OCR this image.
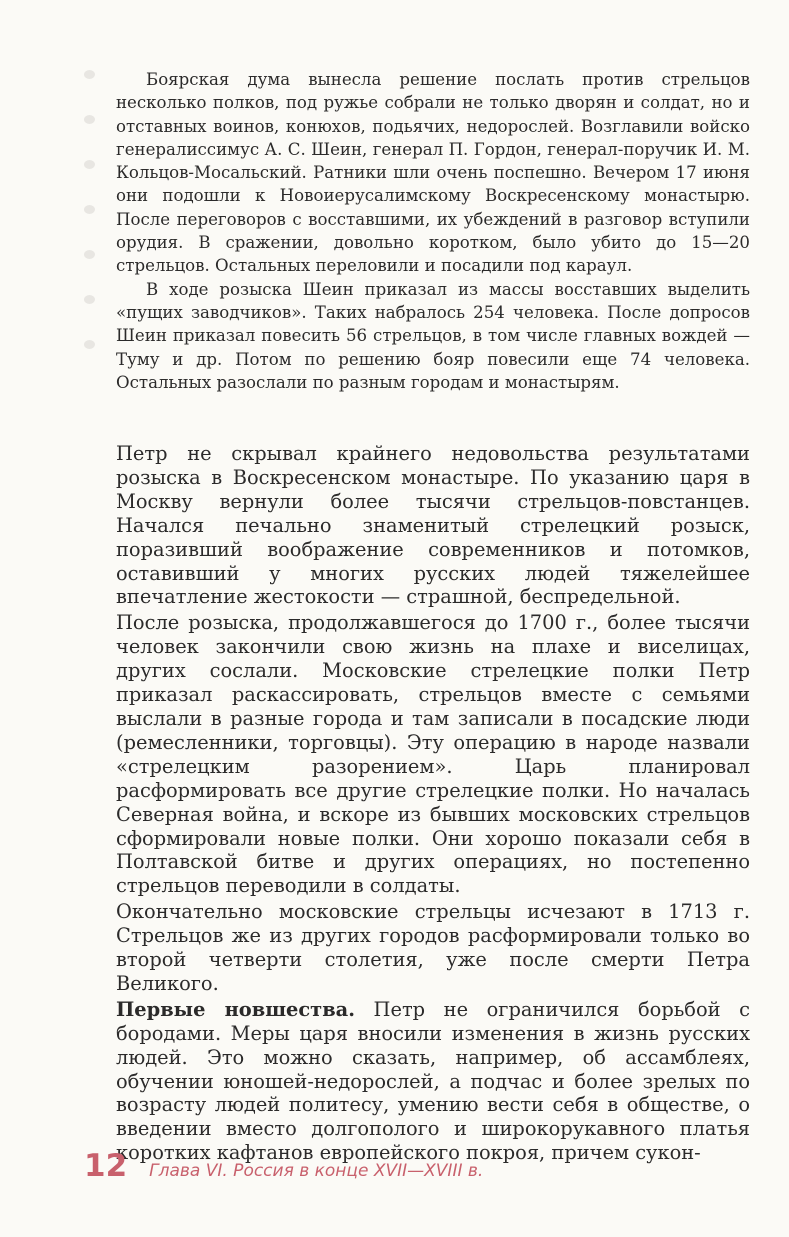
Боярская дума вынесла решение послать против стрельцов несколько полков, под ружье собрали не только дворян и солдат, но и отставных воинов, конюхов, подьячих, недорослей. Возглавили войско генералиссимус А. С. Шеин, генерал П. Гордон, генерал-поручик И. М. Кольцов-Мосальский. Ратники шли очень поспешно. Вечером 17 июня они подошли к Новоиерусалимскому Воскресенскому монастырю. После переговоров с восставшими, их убеждений в разговор вступили орудия. В сражении, довольно коротком, было убито до 15—20 стрельцов. Остальных переловили и посадили под караул.

В ходе розыска Шеин приказал из массы восставших выделить «пущих заводчиков». Таких набралось 254 человека. После допросов Шеин приказал повесить 56 стрельцов, в том числе главных вождей — Туму и др. Потом по решению бояр повесили еще 74 человека. Остальных разослали по разным городам и монастырям.

Петр не скрывал крайнего недовольства результатами розыска в Воскресенском монастыре. По указанию царя в Москву вернули более тысячи стрельцов-повстанцев. Начался печально знаменитый стрелецкий розыск, поразивший воображение современников и потомков, оставивший у многих русских людей тяжелейшее впечатление жестокости — страшной, беспредельной.

После розыска, продолжавшегося до 1700 г., более тысячи человек закончили свою жизнь на плахе и виселицах, других сослали. Московские стрелецкие полки Петр приказал раскассировать, стрельцов вместе с семьями выслали в разные города и там записали в посадские люди (ремесленники, торговцы). Эту операцию в народе назвали «стрелецким разорением». Царь планировал расформировать все другие стрелецкие полки. Но началась Северная война, и вскоре из бывших московских стрельцов сформировали новые полки. Они хорошо показали себя в Полтавской битве и других операциях, но постепенно стрельцов переводили в солдаты.

Окончательно московские стрельцы исчезают в 1713 г. Стрельцов же из других городов расформировали только во второй четверти столетия, уже после смерти Петра Великого.

Первые новшества. Петр не ограничился борьбой с бородами. Меры царя вносили изменения в жизнь русских людей. Это можно сказать, например, об ассамблеях, обучении юношей-недорослей, а подчас и более зрелых по возрасту людей политесу, умению вести себя в обществе, о введении вместо долгополого и широкорукавного платья коротких кафтанов европейского покроя, причем сукон-

12 Глава VI. Россия в конце XVII—XVIII в.
